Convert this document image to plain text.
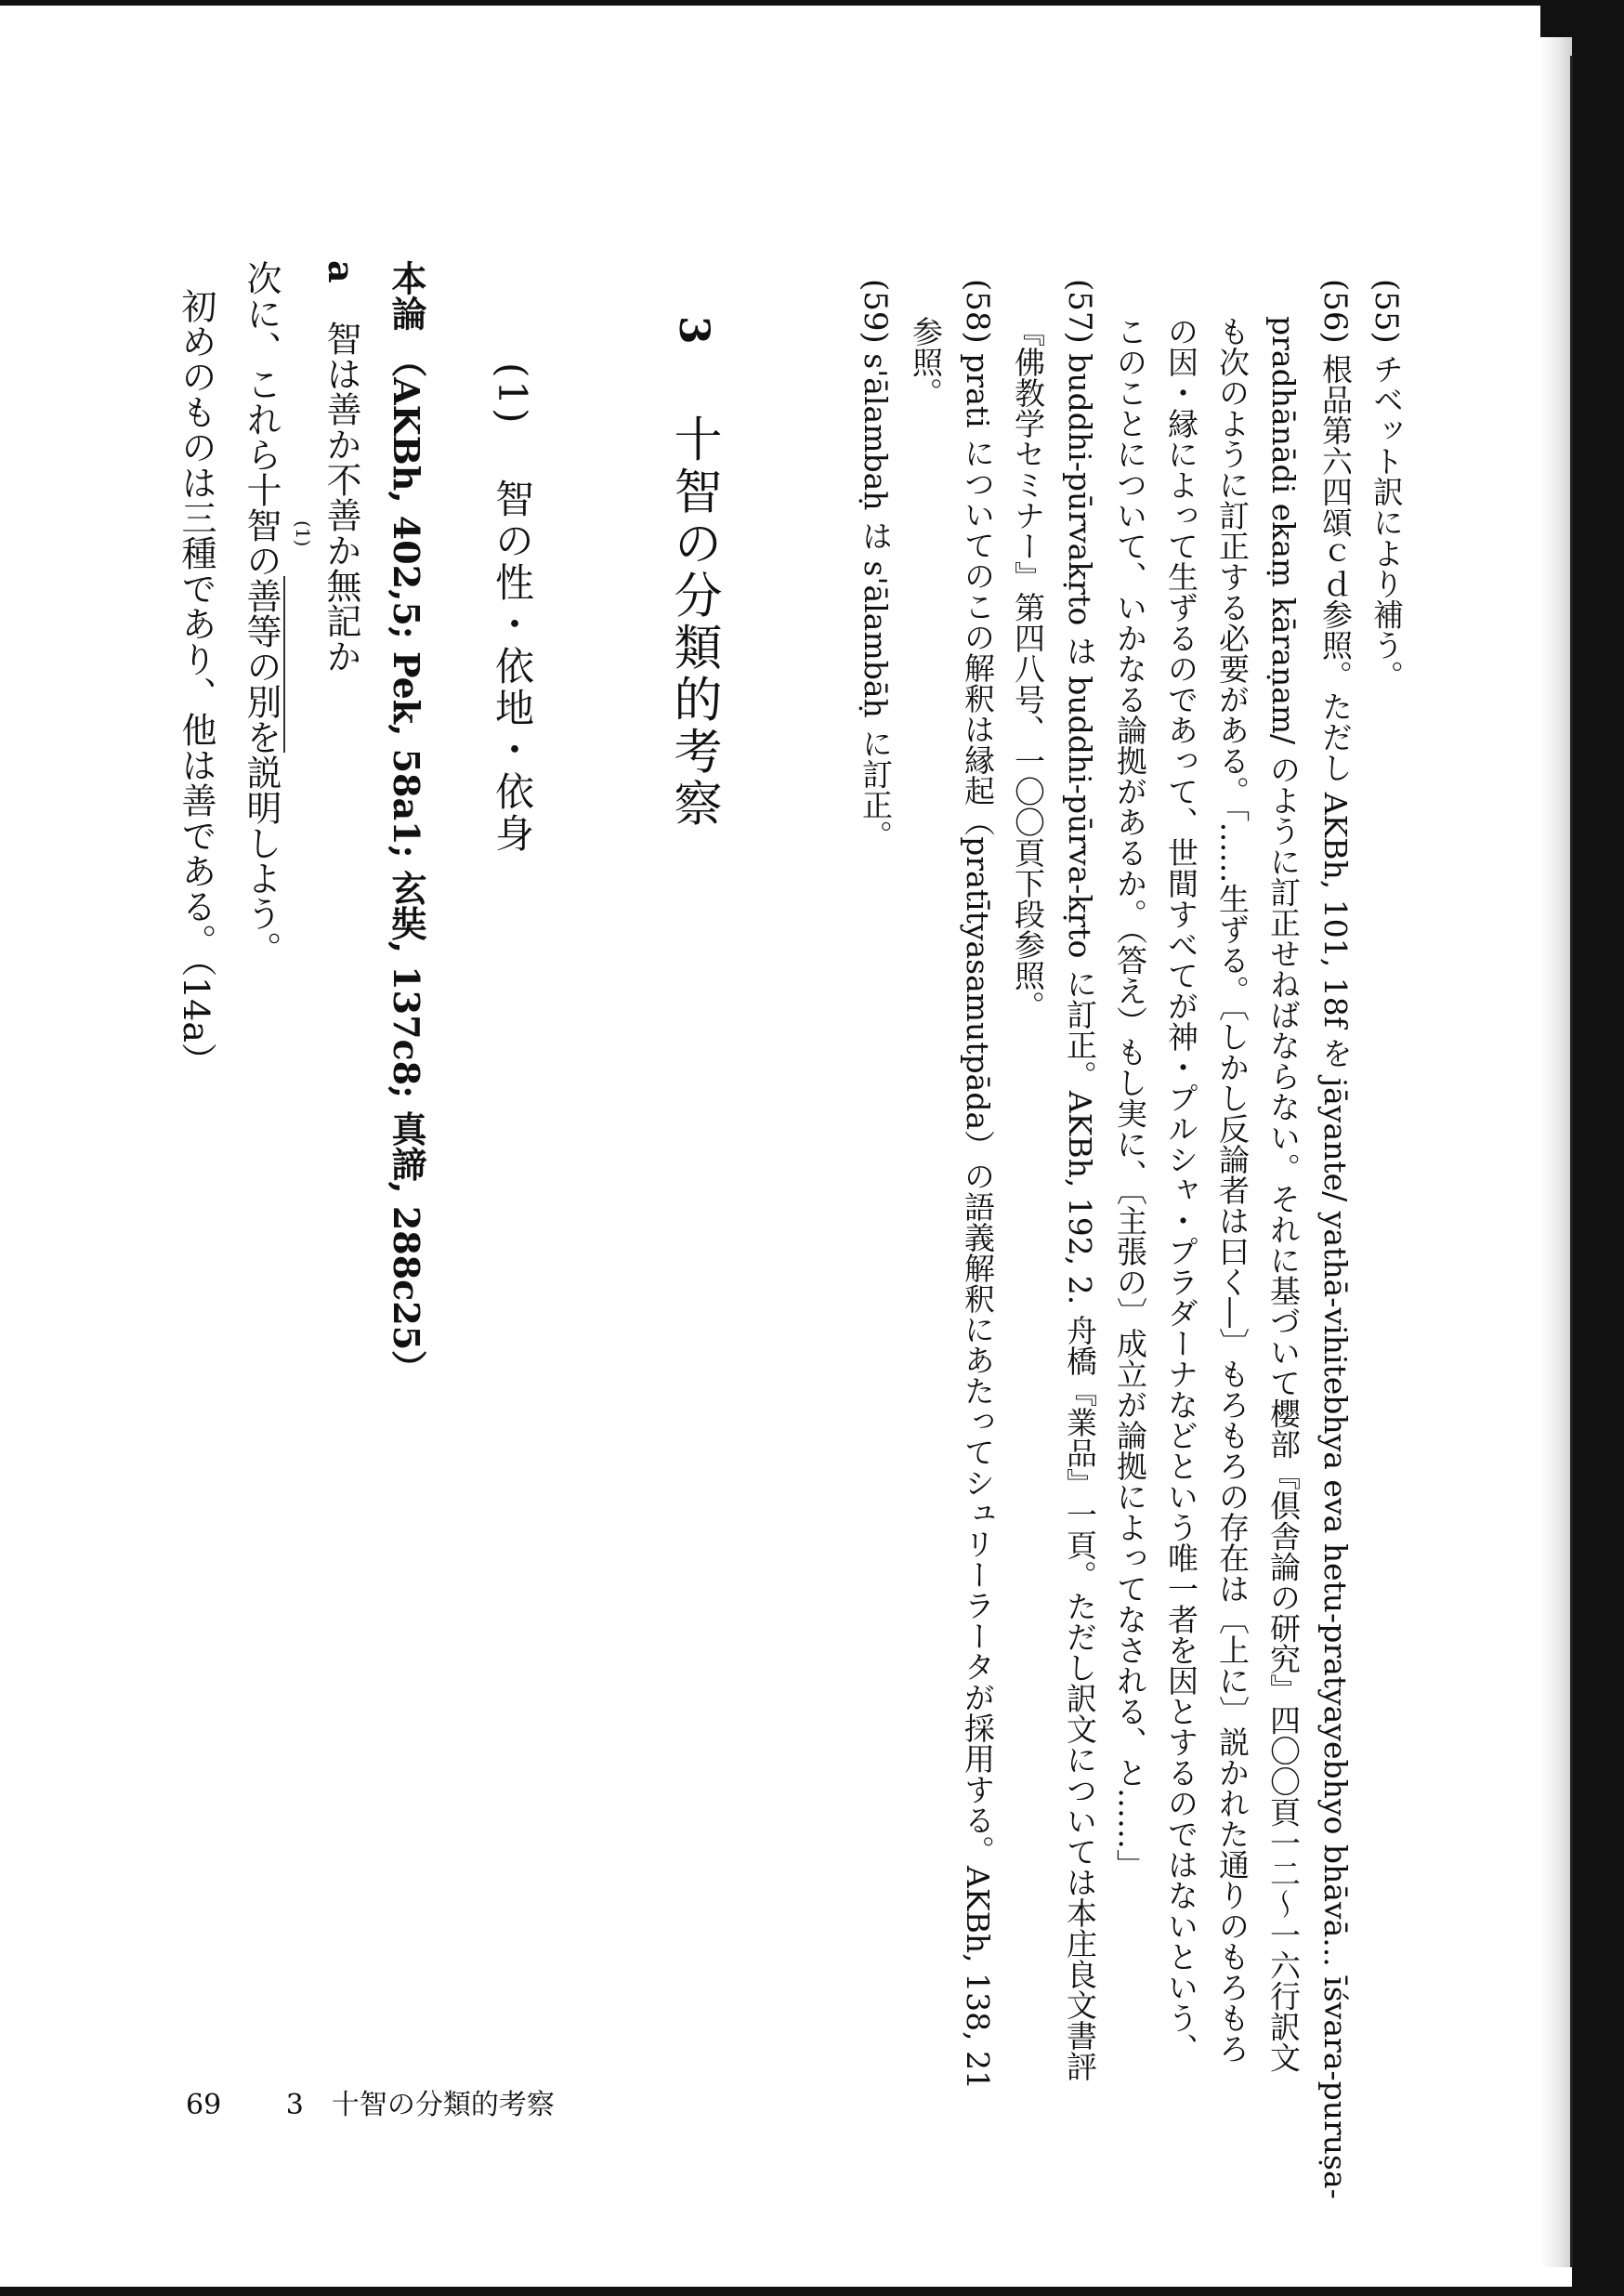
(55) チベット訳により補う。
(56) 根品第六四頌ｃｄ参照。ただし AKBh, 101, 18f を jāyante/ yathā-vihitebhya eva hetu-pratyayebhyo bhāvā... īśvara-puruṣa-
pradhānādi ekaṃ kāraṇam/ のように訂正せねばならない。それに基づいて櫻部『倶舎論の研究』四〇〇頁一二～一六行訳文
も次のように訂正する必要がある。「……生ずる。〔しかし反論者は曰く―〕もろもろの存在は〔上に〕説かれた通りのもろもろ
の因・縁によって生ずるのであって、世間すべてが神・プルシャ・プラダーナなどという唯一者を因とするのではないという、
このことについて、いかなる論拠があるか。（答え）もし実に、〔主張の〕成立が論拠によってなされる、と……」
(57) buddhi-pūrvakṛto は buddhi-pūrva-kṛto に訂正。AKBh, 192, 2. 舟橋『業品』一頁。ただし訳文については本庄良文書評
『佛教学セミナー』第四八号、一〇〇頁下段参照。
(58) prati についてのこの解釈は縁起（pratītyasamutpāda）の語義解釈にあたってシュリーラータが採用する。AKBh, 138, 21
参照。
(59) s'ālambaḥ は s'ālambāḥ に訂正。
3  十智の分類的考察
(1)  智の性・依地・依身
本論 （AKBh, 402,5; Pek, 58a1; 玄奘, 137c8; 真諦, 288c25）
a  智は善か不善か無記か
(1)
次に、これら十智の善等の別を説明しよう。
初めのものは三種であり、他は善である。（14a）
69 3　十智の分類的考察
